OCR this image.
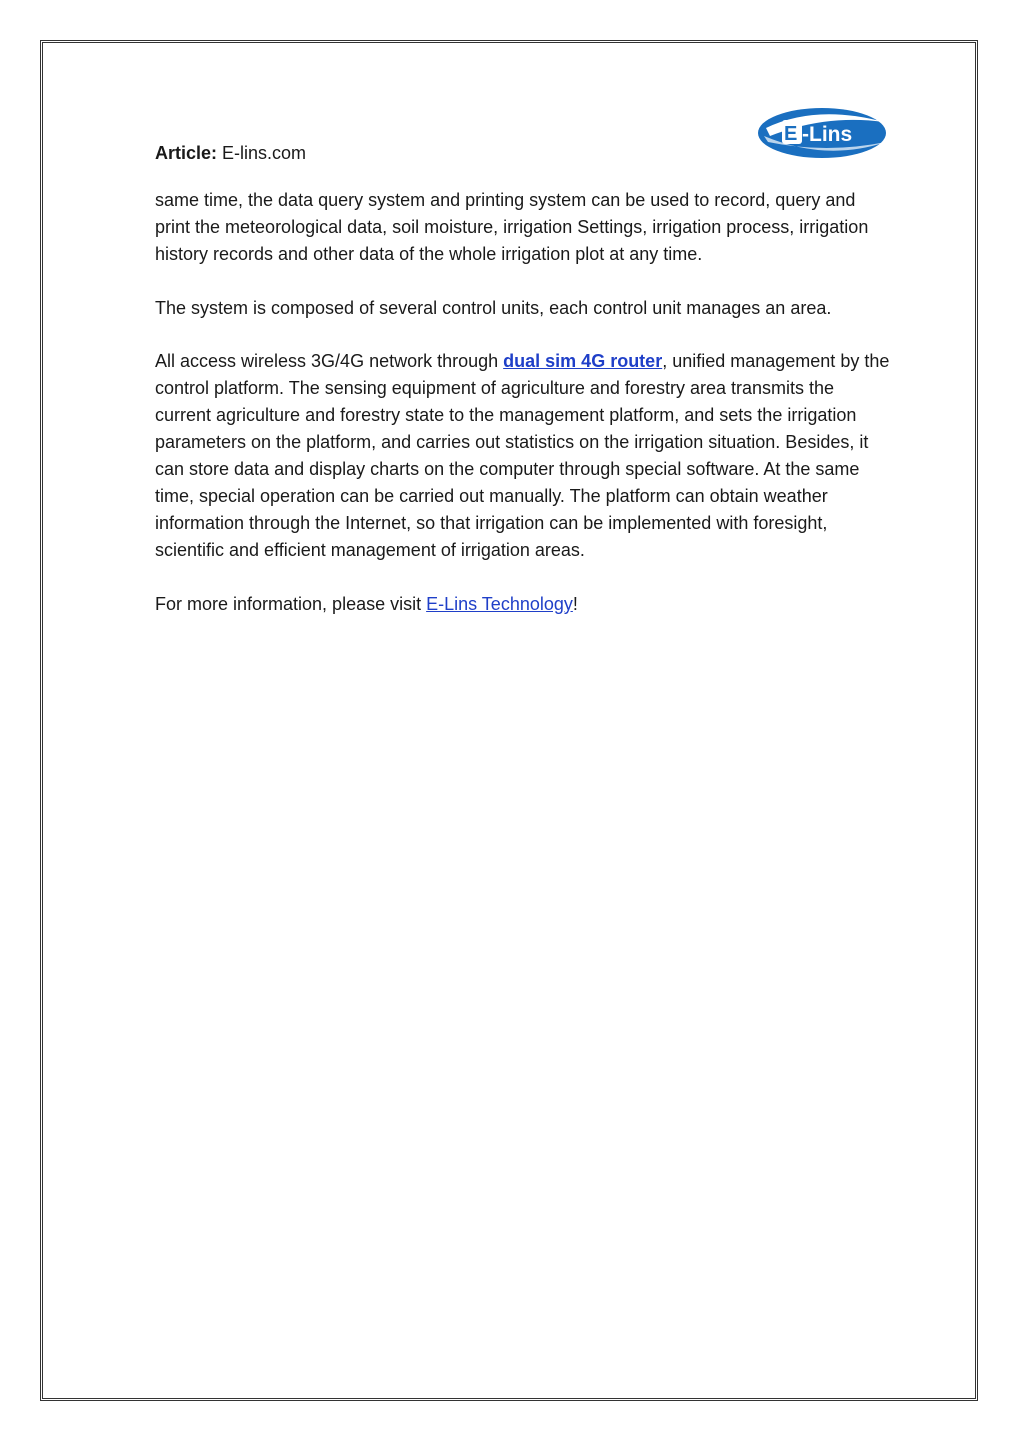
E -Lins
Article: E-lins.com

same time, the data query system and printing system can be used to record, query and print the meteorological data, soil moisture, irrigation Settings, irrigation process, irrigation history records and other data of the whole irrigation plot at any time.

The system is composed of several control units, each control unit manages an area.

All access wireless 3G/4G network through dual sim 4G router, unified management by the control platform. The sensing equipment of agriculture and forestry area transmits the current agriculture and forestry state to the management platform, and sets the irrigation parameters on the platform, and carries out statistics on the irrigation situation. Besides, it can store data and display charts on the computer through special software. At the same time, special operation can be carried out manually. The platform can obtain weather information through the Internet, so that irrigation can be implemented with foresight, scientific and efficient management of irrigation areas.

For more information, please visit E-Lins Technology!
